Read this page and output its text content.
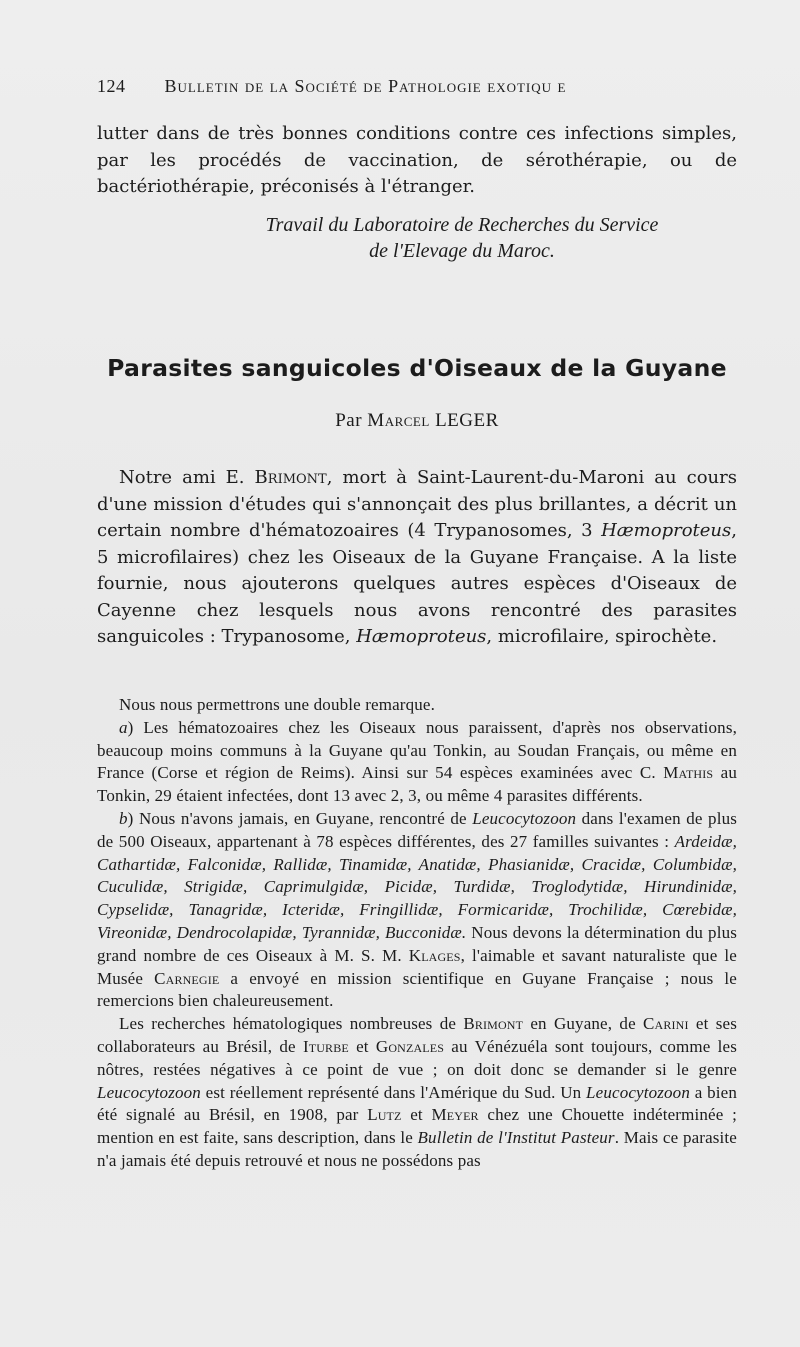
124 Bulletin de la Société de Pathologie exotiqu e

lutter dans de très bonnes conditions contre ces infections simples, par les procédés de vaccination, de sérothérapie, ou de bactériothérapie, préconisés à l'étranger.

Travail du Laboratoire de Recherches du Service

de l'Elevage du Maroc.

Parasites sanguicoles d'Oiseaux de la Guyane

Par Marcel LEGER

Notre ami E. Brimont, mort à Saint-Laurent-du-Maroni au cours d'une mission d'études qui s'annonçait des plus brillantes, a décrit un certain nombre d'hématozoaires (4 Trypanosomes, 3 Hæmoproteus, 5 microfilaires) chez les Oiseaux de la Guyane Française. A la liste fournie, nous ajouterons quelques autres espèces d'Oiseaux de Cayenne chez lesquels nous avons rencontré des parasites sanguicoles : Trypanosome, Hæmoproteus, microfilaire, spirochète.

Nous nous permettrons une double remarque.

a) Les hématozoaires chez les Oiseaux nous paraissent, d'après nos observations, beaucoup moins communs à la Guyane qu'au Tonkin, au Soudan Français, ou même en France (Corse et région de Reims). Ainsi sur 54 espèces examinées avec C. Mathis au Tonkin, 29 étaient infectées, dont 13 avec 2, 3, ou même 4 parasites différents.

b) Nous n'avons jamais, en Guyane, rencontré de Leucocytozoon dans l'examen de plus de 500 Oiseaux, appartenant à 78 espèces différentes, des 27 familles suivantes : Ardeidæ, Cathartidæ, Falconidæ, Rallidæ, Tinamidæ, Anatidæ, Phasianidæ, Cracidæ, Columbidæ, Cuculidæ, Strigidæ, Caprimulgidæ, Picidæ, Turdidæ, Troglodytidæ, Hirundinidæ, Cypselidæ, Tanagridæ, Icteridæ, Fringillidæ, Formicaridæ, Trochilidæ, Cœrebidæ, Vireonidæ, Dendrocolapidæ, Tyrannidæ, Bucconidæ. Nous devons la détermination du plus grand nombre de ces Oiseaux à M. S. M. Klages, l'aimable et savant naturaliste que le Musée Carnegie a envoyé en mission scientifique en Guyane Française ; nous le remercions bien chaleureusement.

Les recherches hématologiques nombreuses de Brimont en Guyane, de Carini et ses collaborateurs au Brésil, de Iturbe et Gonzales au Vénézuéla sont toujours, comme les nôtres, restées négatives à ce point de vue ; on doit donc se demander si le genre Leucocytozoon est réellement représenté dans l'Amérique du Sud. Un Leucocytozoon a bien été signalé au Brésil, en 1908, par Lutz et Meyer chez une Chouette indéterminée ; mention en est faite, sans description, dans le Bulletin de l'Institut Pasteur. Mais ce parasite n'a jamais été depuis retrouvé et nous ne possédons pas
